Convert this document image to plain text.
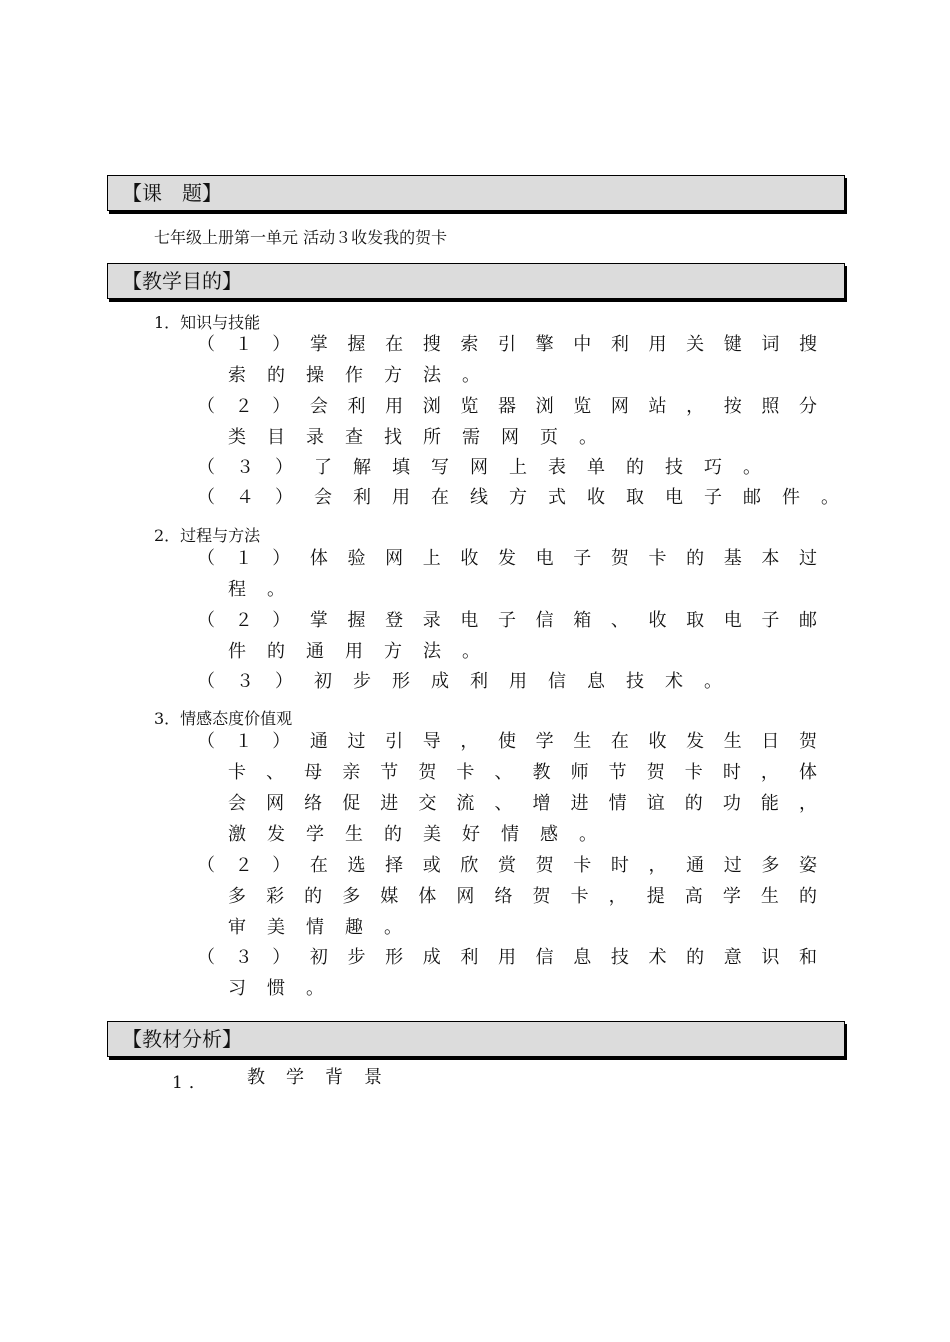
【课　题】
七年级上册第一单元 活动３收发我的贺卡
【教学目的】
1．知识与技能
（ １ ） 掌 握 在 搜 索 引 擎 中 利 用 关 键 词 搜
索	的	操	作	方	法	。
（ ２ ） 会 利 用 浏 览 器 浏 览 网 站 ， 按 照 分
类	目	录	查	找	所	需	网	页	。
（	３	）	了	解	填	写	网	上	表	单	的	技	巧	。
（	４	）	会	利	用	在	线	方	式	收	取	电	子	邮	件	。
2．过程与方法
（ １ ） 体 验 网 上 收 发 电 子 贺 卡 的 基 本 过
程	。
（ ２ ） 掌 握 登 录 电 子 信 箱 、 收 取 电 子 邮
件	的	通	用	方	法	。
（	３	）	初	步	形	成	利	用	信	息	技	术	。
3．情感态度价值观
（ １ ） 通 过 引 导 ， 使 学 生 在 收 发 生 日 贺
卡 、 母 亲 节 贺 卡 、 教 师 节 贺 卡 时 ， 体
会 网 络 促 进 交 流 、 增 进 情 谊 的 功 能 ，
激	发	学	生	的	美	好	情	感	。
（ ２ ） 在 选 择 或 欣 赏 贺 卡 时 ， 通 过 多 姿
多 彩 的 多 媒 体 网 络 贺 卡 ， 提 高 学 生 的
审	美	情	趣	。
（ ３ ） 初 步 形 成 利 用 信 息 技 术 的 意 识 和
习	惯	。
【教材分析】
1． 教	学	背	景
